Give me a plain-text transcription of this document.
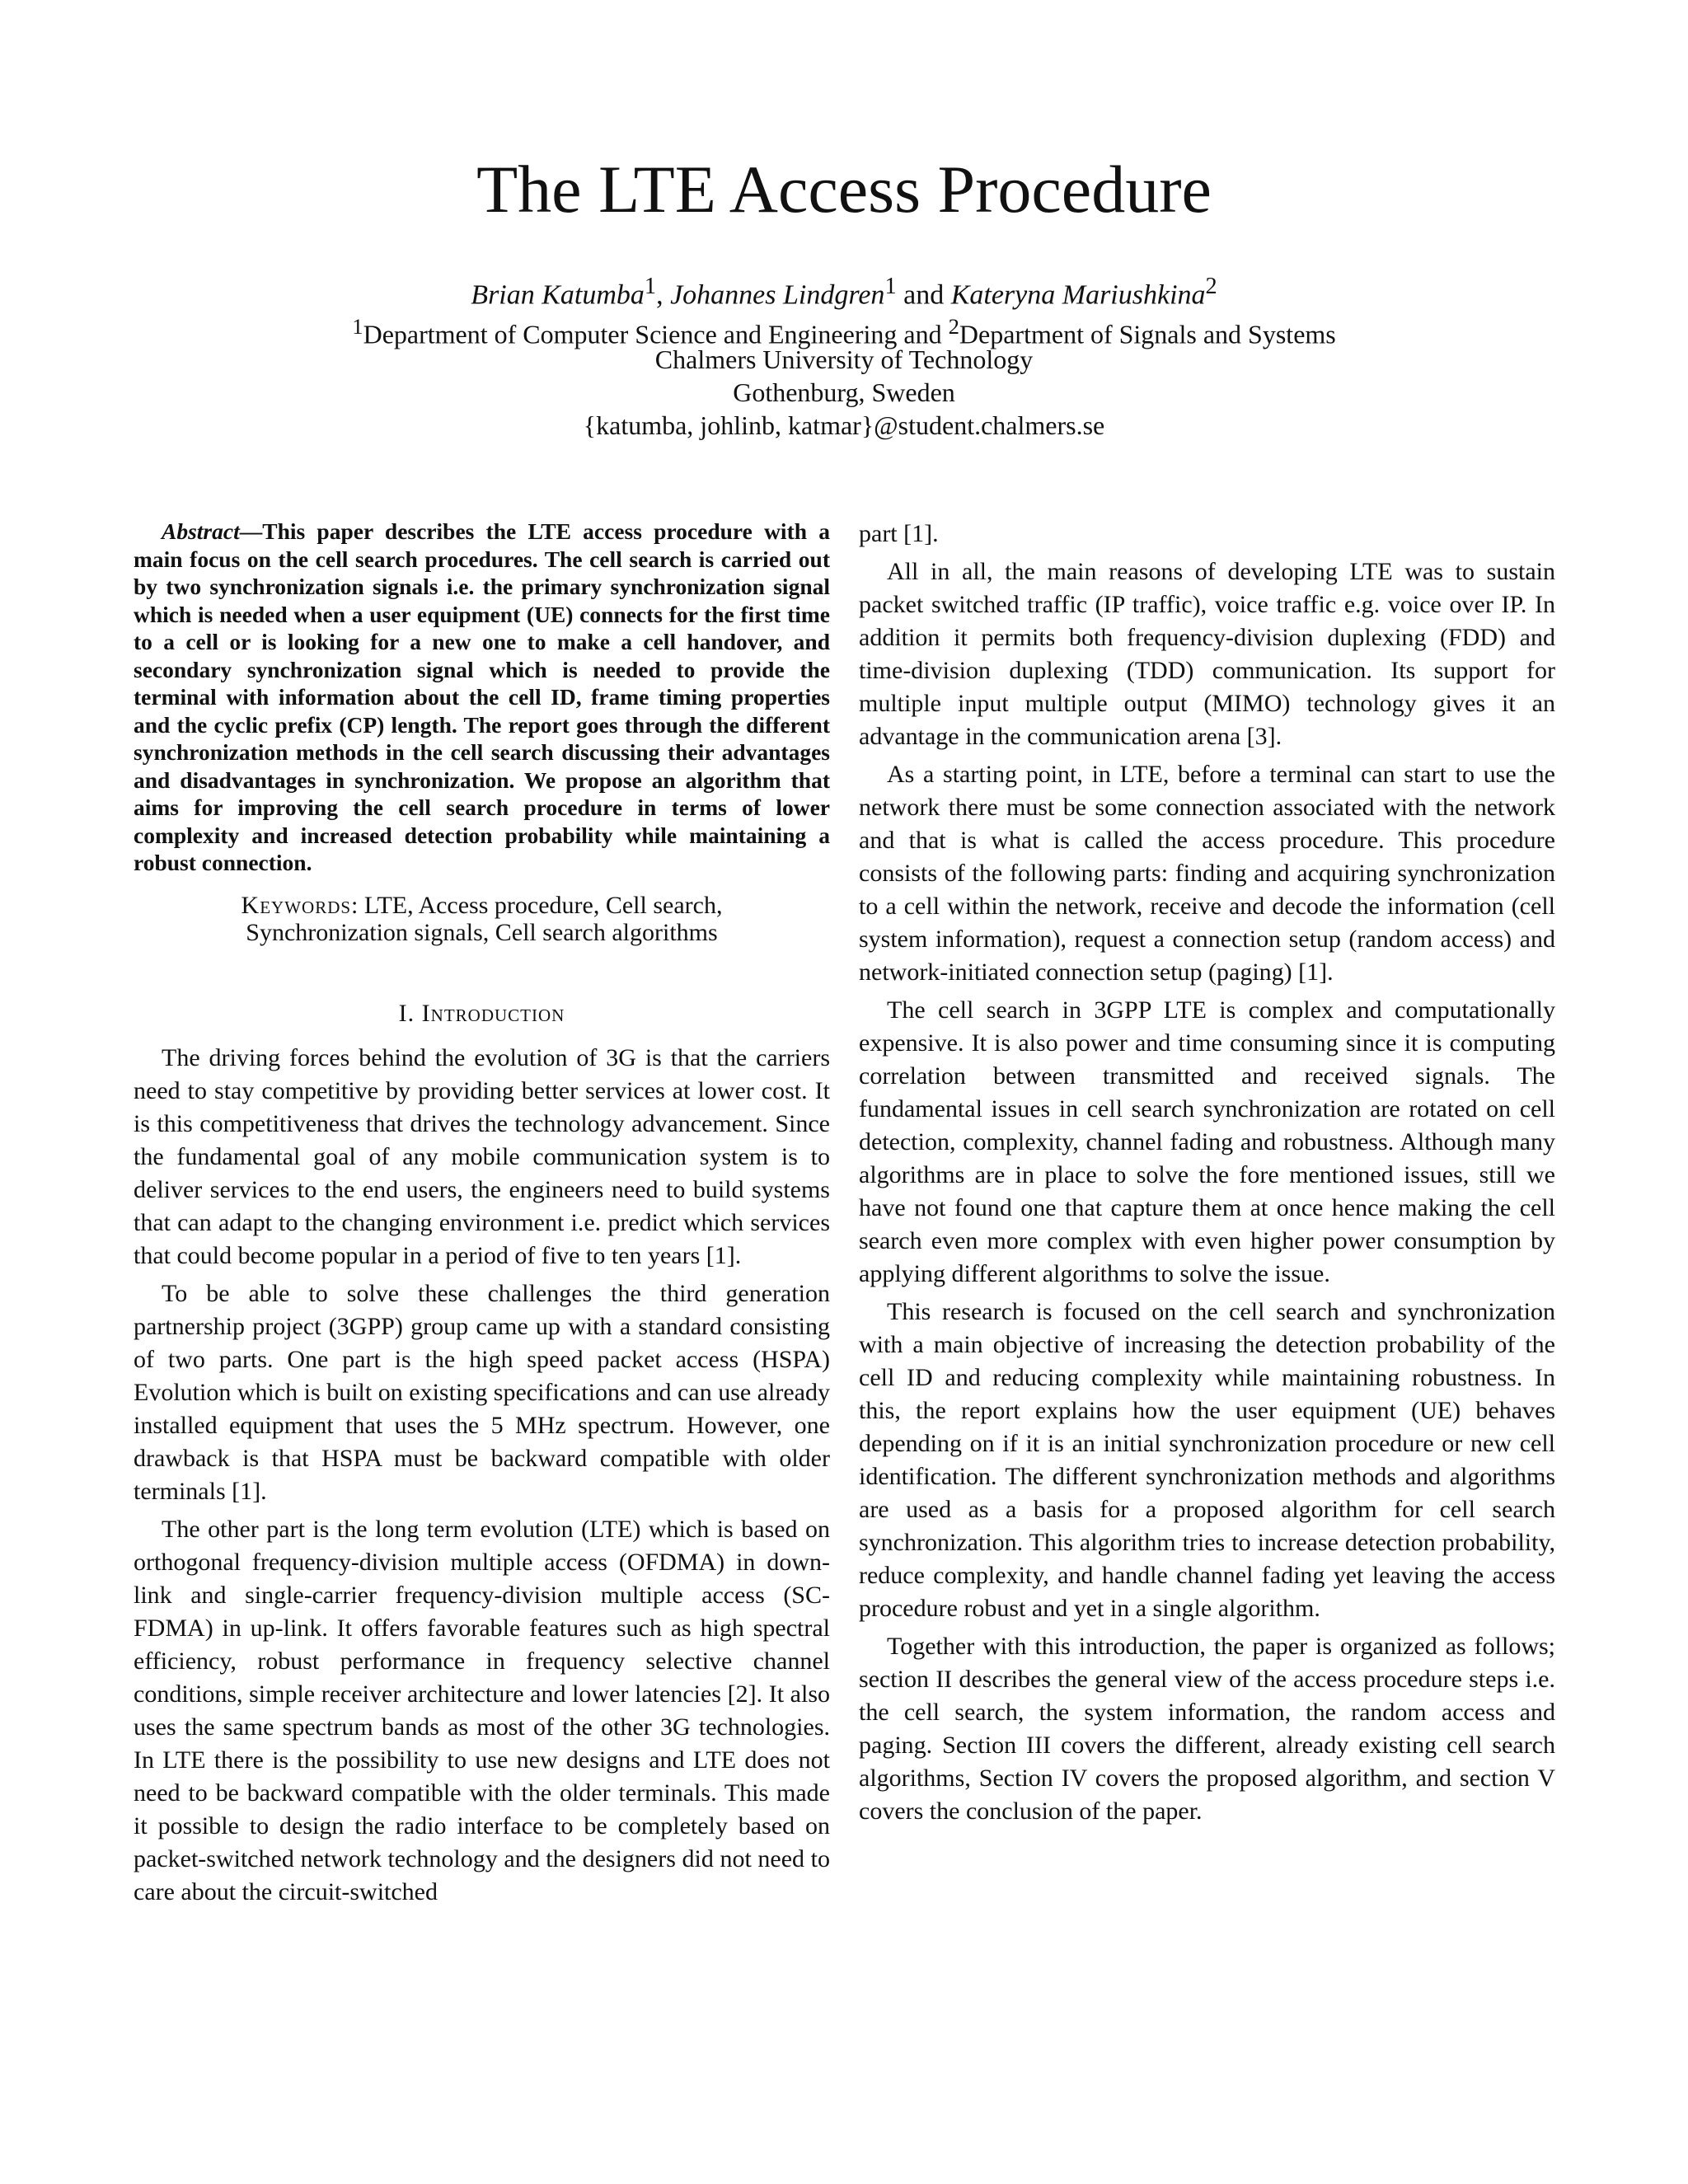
The LTE Access Procedure
Brian Katumba$^1$, Johannes Lindgren$^1$ and Kateryna Mariushkina$^2$
$^1$Department of Computer Science and Engineering and $^2$Department of Signals and Systems
Chalmers University of Technology
Gothenburg, Sweden
{katumba, johlinb, katmar}@student.chalmers.se

Abstract—This paper describes the LTE access procedure with a main focus on the cell search procedures. The cell search is carried out by two synchronization signals i.e. the primary synchronization signal which is needed when a user equipment (UE) connects for the first time to a cell or is looking for a new one to make a cell handover, and secondary synchronization signal which is needed to provide the terminal with information about the cell ID, frame timing properties and the cyclic prefix (CP) length. The report goes through the different synchronization methods in the cell search discussing their advantages and disadvantages in synchronization. We propose an algorithm that aims for improving the cell search procedure in terms of lower complexity and increased detection probability while maintaining a robust connection.

Keywords: LTE, Access procedure, Cell search, Synchronization signals, Cell search algorithms
I. Introduction

The driving forces behind the evolution of 3G is that the carriers need to stay competitive by providing better services at lower cost. It is this competitiveness that drives the technology advancement. Since the fundamental goal of any mobile communication system is to deliver services to the end users, the engineers need to build systems that can adapt to the changing environment i.e. predict which services that could become popular in a period of five to ten years [1].

To be able to solve these challenges the third generation partnership project (3GPP) group came up with a standard consisting of two parts. One part is the high speed packet access (HSPA) Evolution which is built on existing specifications and can use already installed equipment that uses the 5 MHz spectrum. However, one drawback is that HSPA must be backward compatible with older terminals [1].

The other part is the long term evolution (LTE) which is based on orthogonal frequency-division multiple access (OFDMA) in down-link and single-carrier frequency-division multiple access (SC-FDMA) in up-link. It offers favorable features such as high spectral efficiency, robust performance in frequency selective channel conditions, simple receiver architecture and lower latencies [2]. It also uses the same spectrum bands as most of the other 3G technologies. In LTE there is the possibility to use new designs and LTE does not need to be backward compatible with the older terminals. This made it possible to design the radio interface to be completely based on packet-switched network technology and the designers did not need to care about the circuit-switched

part [1].

All in all, the main reasons of developing LTE was to sustain packet switched traffic (IP traffic), voice traffic e.g. voice over IP. In addition it permits both frequency-division duplexing (FDD) and time-division duplexing (TDD) communication. Its support for multiple input multiple output (MIMO) technology gives it an advantage in the communication arena [3].

As a starting point, in LTE, before a terminal can start to use the network there must be some connection associated with the network and that is what is called the access procedure. This procedure consists of the following parts: finding and acquiring synchronization to a cell within the network, receive and decode the information (cell system information), request a connection setup (random access) and network-initiated connection setup (paging) [1].

The cell search in 3GPP LTE is complex and computationally expensive. It is also power and time consuming since it is computing correlation between transmitted and received signals. The fundamental issues in cell search synchronization are rotated on cell detection, complexity, channel fading and robustness. Although many algorithms are in place to solve the fore mentioned issues, still we have not found one that capture them at once hence making the cell search even more complex with even higher power consumption by applying different algorithms to solve the issue.

This research is focused on the cell search and synchronization with a main objective of increasing the detection probability of the cell ID and reducing complexity while maintaining robustness. In this, the report explains how the user equipment (UE) behaves depending on if it is an initial synchronization procedure or new cell identification. The different synchronization methods and algorithms are used as a basis for a proposed algorithm for cell search synchronization. This algorithm tries to increase detection probability, reduce complexity, and handle channel fading yet leaving the access procedure robust and yet in a single algorithm.

Together with this introduction, the paper is organized as follows; section II describes the general view of the access procedure steps i.e. the cell search, the system information, the random access and paging. Section III covers the different, already existing cell search algorithms, Section IV covers the proposed algorithm, and section V covers the conclusion of the paper.
